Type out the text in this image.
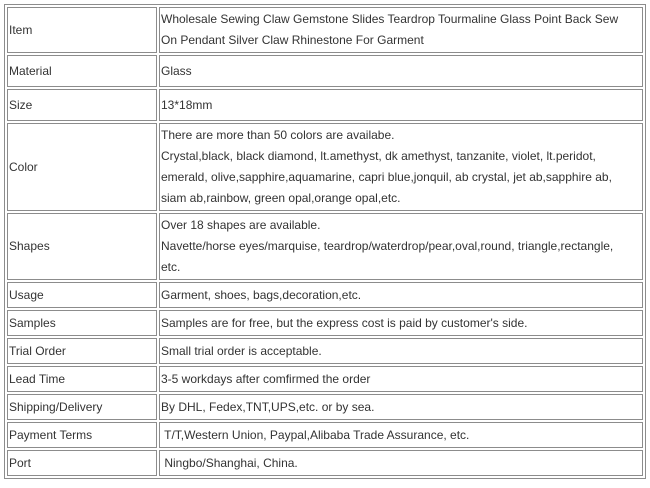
Item	Wholesale Sewing Claw Gemstone Slides Teardrop Tourmaline Glass Point Back Sew
On Pendant Silver Claw Rhinestone For Garment

Material	Glass

Size	13*18mm

Color	There are more than 50 colors are availabe.
Crystal,black, black diamond, lt.amethyst, dk amethyst, tanzanite, violet, lt.peridot,
emerald, olive,sapphire,aquamarine, capri blue,jonquil, ab crystal, jet ab,sapphire ab,
siam ab,rainbow, green opal,orange opal,etc.

Shapes	Over 18 shapes are available.
Navette/horse eyes/marquise, teardrop/waterdrop/pear,oval,round, triangle,rectangle,
etc.

Usage	Garment, shoes, bags,decoration,etc.

Samples	Samples are for free, but the express cost is paid by customer's side.

Trial Order	Small trial order is acceptable.

Lead Time	3-5 workdays after comfirmed the order

Shipping/Delivery	By DHL, Fedex,TNT,UPS,etc. or by sea.

Payment Terms	T/T,Western Union, Paypal,Alibaba Trade Assurance, etc.

Port	Ningbo/Shanghai, China.
